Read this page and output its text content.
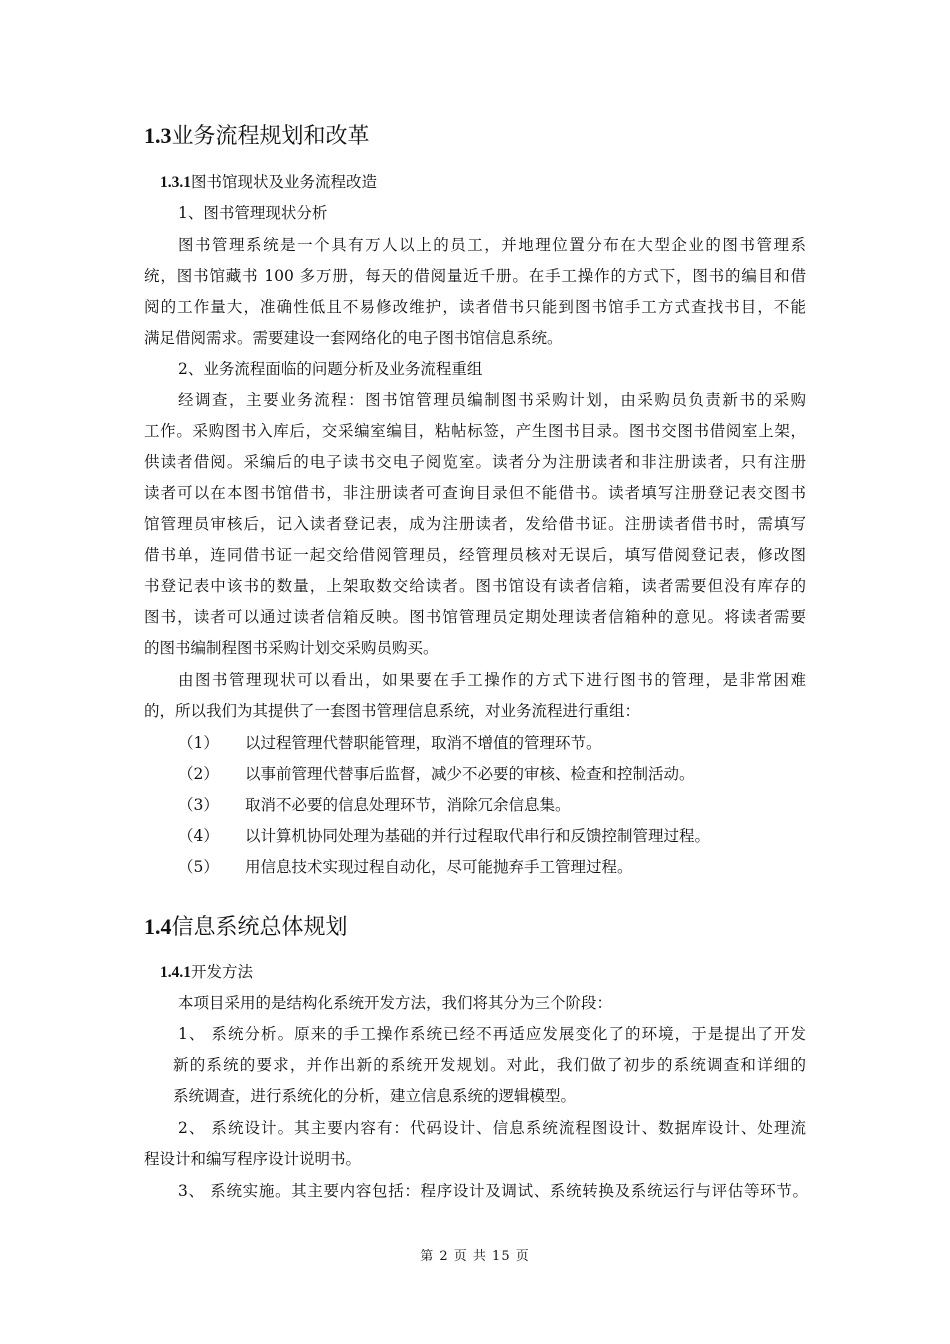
1.3业务流程规划和改革
1.3.1图书馆现状及业务流程改造
1、图书管理现状分析
图书管理系统是一个具有万人以上的员工，并地理位置分布在大型企业的图书管理系
统，图书馆藏书 100 多万册，每天的借阅量近千册。在手工操作的方式下，图书的编目和借
阅的工作量大，准确性低且不易修改维护，读者借书只能到图书馆手工方式查找书目，不能
满足借阅需求。需要建设一套网络化的电子图书馆信息系统。
2、业务流程面临的问题分析及业务流程重组
经调查，主要业务流程：图书馆管理员编制图书采购计划，由采购员负责新书的采购
工作。采购图书入库后，交采编室编目，粘帖标签，产生图书目录。图书交图书借阅室上架，
供读者借阅。采编后的电子读书交电子阅览室。读者分为注册读者和非注册读者，只有注册
读者可以在本图书馆借书，非注册读者可查询目录但不能借书。读者填写注册登记表交图书
馆管理员审核后，记入读者登记表，成为注册读者，发给借书证。注册读者借书时，需填写
借书单，连同借书证一起交给借阅管理员，经管理员核对无误后，填写借阅登记表，修改图
书登记表中该书的数量，上架取数交给读者。图书馆设有读者信箱，读者需要但没有库存的
图书，读者可以通过读者信箱反映。图书馆管理员定期处理读者信箱种的意见。将读者需要
的图书编制程图书采购计划交采购员购买。
由图书管理现状可以看出，如果要在手工操作的方式下进行图书的管理，是非常困难
的，所以我们为其提供了一套图书管理信息系统，对业务流程进行重组：
（1） 以过程管理代替职能管理，取消不增值的管理环节。
（2） 以事前管理代替事后监督，减少不必要的审核、检查和控制活动。
（3） 取消不必要的信息处理环节，消除冗余信息集。
（4） 以计算机协同处理为基础的并行过程取代串行和反馈控制管理过程。
（5） 用信息技术实现过程自动化，尽可能抛弃手工管理过程。
1.4信息系统总体规划
1.4.1开发方法
本项目采用的是结构化系统开发方法，我们将其分为三个阶段：
1、 系统分析。原来的手工操作系统已经不再适应发展变化了的环境，于是提出了开发
新的系统的要求，并作出新的系统开发规划。对此，我们做了初步的系统调查和详细的
系统调查，进行系统化的分析，建立信息系统的逻辑模型。
2、 系统设计。其主要内容有：代码设计、信息系统流程图设计、数据库设计、处理流
程设计和编写程序设计说明书。
3、 系统实施。其主要内容包括：程序设计及调试、系统转换及系统运行与评估等环节。
第 2 页 共 15 页
